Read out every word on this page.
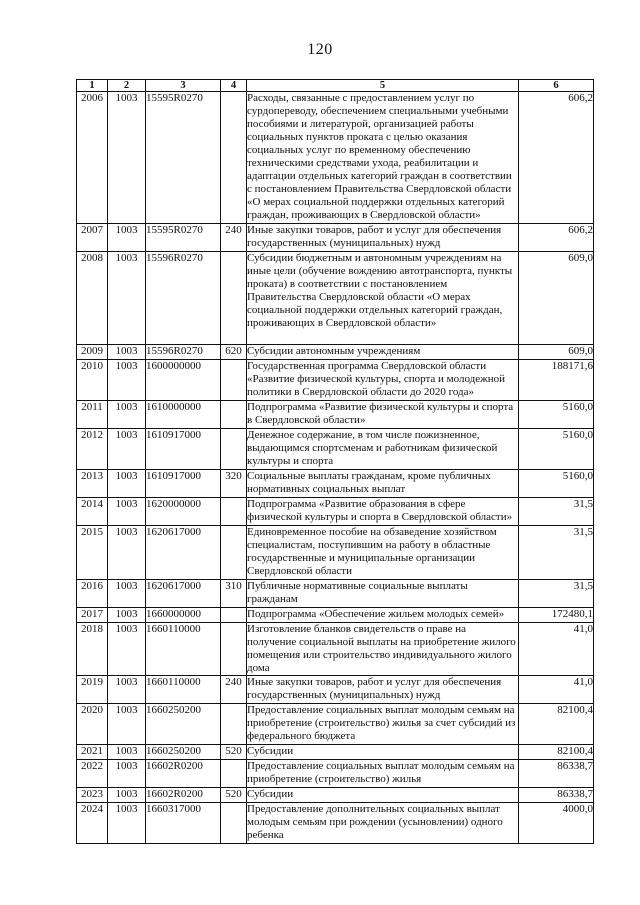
120
1	2	3	4	5	6
2006	1003	15595R0270		Расходы, связанные с предоставлением услуг по сурдопереводу, обеспечением специальными учебными пособиями и литературой, организацией работы социальных пунктов проката с целью оказания социальных услуг по временному обеспечению техническими средствами ухода, реабилитации и адаптации отдельных категорий граждан в соответствии с постановлением Правительства Свердловской области «О мерах социальной поддержки отдельных категорий граждан, проживающих в Свердловской области»	606,2
2007	1003	15595R0270	240	Иные закупки товаров, работ и услуг для обеспечения государственных (муниципальных) нужд	606,2
2008	1003	15596R0270		Субсидии бюджетным и автономным учреждениям на иные цели (обучение вождению автотранспорта, пункты проката) в соответствии с постановлением Правительства Свердловской области «О мерах социальной поддержки отдельных категорий граждан, проживающих в Свердловской области»	609,0
2009	1003	15596R0270	620	Субсидии автономным учреждениям	609,0
2010	1003	1600000000		Государственная программа Свердловской области «Развитие физической культуры, спорта и молодежной политики в Свердловской области до 2020 года»	188171,6
2011	1003	1610000000		Подпрограмма «Развитие физической культуры и спорта в Свердловской области»	5160,0
2012	1003	1610917000		Денежное содержание, в том числе пожизненное, выдающимся спортсменам и работникам физической культуры и спорта	5160,0
2013	1003	1610917000	320	Социальные выплаты гражданам, кроме публичных нормативных социальных выплат	5160,0
2014	1003	1620000000		Подпрограмма «Развитие образования в сфере физической культуры и спорта в Свердловской области»	31,5
2015	1003	1620617000		Единовременное пособие на обзаведение хозяйством специалистам, поступившим на работу в областные государственные и муниципальные организации Свердловской области	31,5
2016	1003	1620617000	310	Публичные нормативные социальные выплаты гражданам	31,5
2017	1003	1660000000		Подпрограмма «Обеспечение жильем молодых семей»	172480,1
2018	1003	1660110000		Изготовление бланков свидетельств о праве на получение социальной выплаты на приобретение жилого помещения или строительство индивидуального жилого дома	41,0
2019	1003	1660110000	240	Иные закупки товаров, работ и услуг для обеспечения государственных (муниципальных) нужд	41,0
2020	1003	1660250200		Предоставление социальных выплат молодым семьям на приобретение (строительство) жилья за счет субсидий из федерального бюджета	82100,4
2021	1003	1660250200	520	Субсидии	82100,4
2022	1003	16602R0200		Предоставление социальных выплат молодым семьям на приобретение (строительство) жилья	86338,7
2023	1003	16602R0200	520	Субсидии	86338,7
2024	1003	1660317000		Предоставление дополнительных социальных выплат молодым семьям при рождении (усыновлении) одного ребенка	4000,0
